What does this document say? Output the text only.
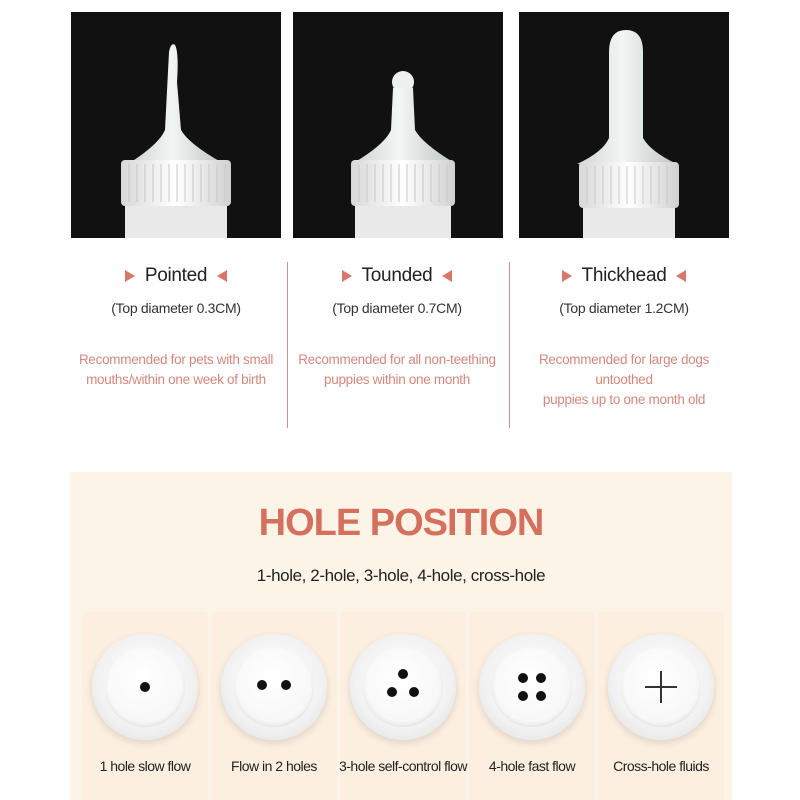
Pointed
(Top diameter 0.3CM)
Recommended for pets with small
mouths/within one week of birth
Tounded
(Top diameter 0.7CM)
Recommended for all non-teething
puppies within one month
Thickhead
(Top diameter 1.2CM)
Recommended for large dogs untoothed
puppies up to one month old
HOLE POSITION
1-hole, 2-hole, 3-hole, 4-hole, cross-hole
1 hole slow flow	Flow in 2 holes	3-hole self-control flow	4-hole fast flow	Cross-hole fluids
